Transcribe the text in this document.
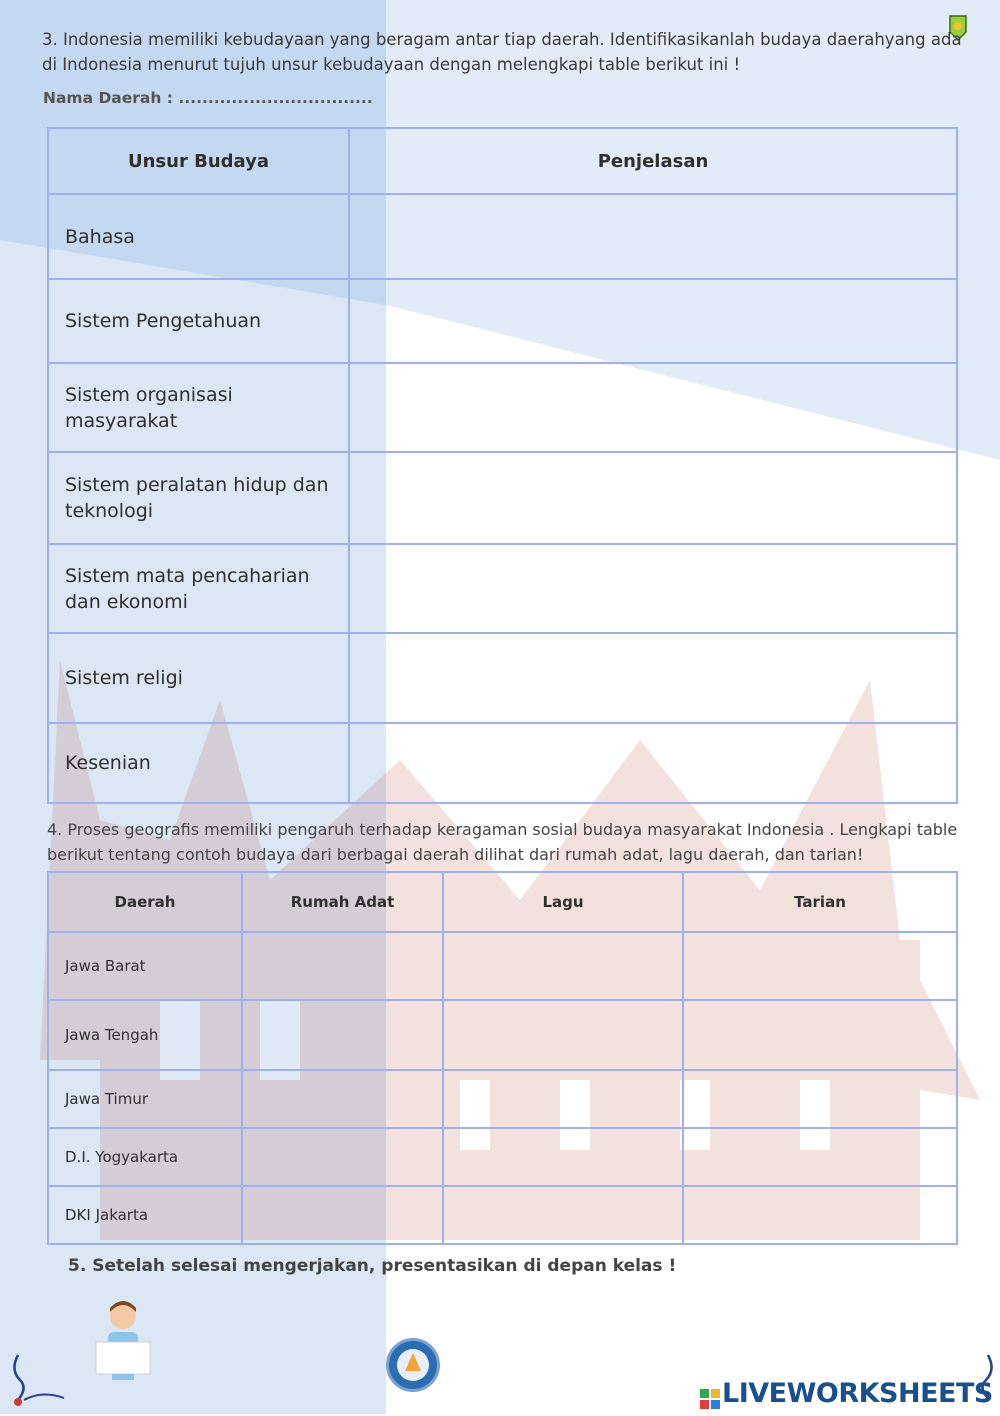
3. Indonesia memiliki kebudayaan yang beragam antar tiap daerah. Identifikasikanlah budaya daerahyang ada di Indonesia menurut tujuh unsur kebudayaan dengan melengkapi table berikut ini !
Nama Daerah : .................................
Unsur Budaya	Penjelasan
Bahasa	
Sistem Pengetahuan	
Sistem organisasi masyarakat	
Sistem peralatan hidup dan teknologi	
Sistem mata pencaharian dan ekonomi	
Sistem religi	
Kesenian	
4. Proses geografis memiliki pengaruh terhadap keragaman sosial budaya masyarakat Indonesia . Lengkapi table berikut tentang contoh budaya dari berbagai daerah dilihat dari rumah adat, lagu daerah, dan tarian!
Daerah	Rumah Adat	Lagu	Tarian
Jawa Barat			
Jawa Tengah			
Jawa Timur			
D.I. Yogyakarta			
DKI Jakarta			
5. Setelah selesai mengerjakan, presentasikan di depan kelas !
LIVEWORKSHEETS
